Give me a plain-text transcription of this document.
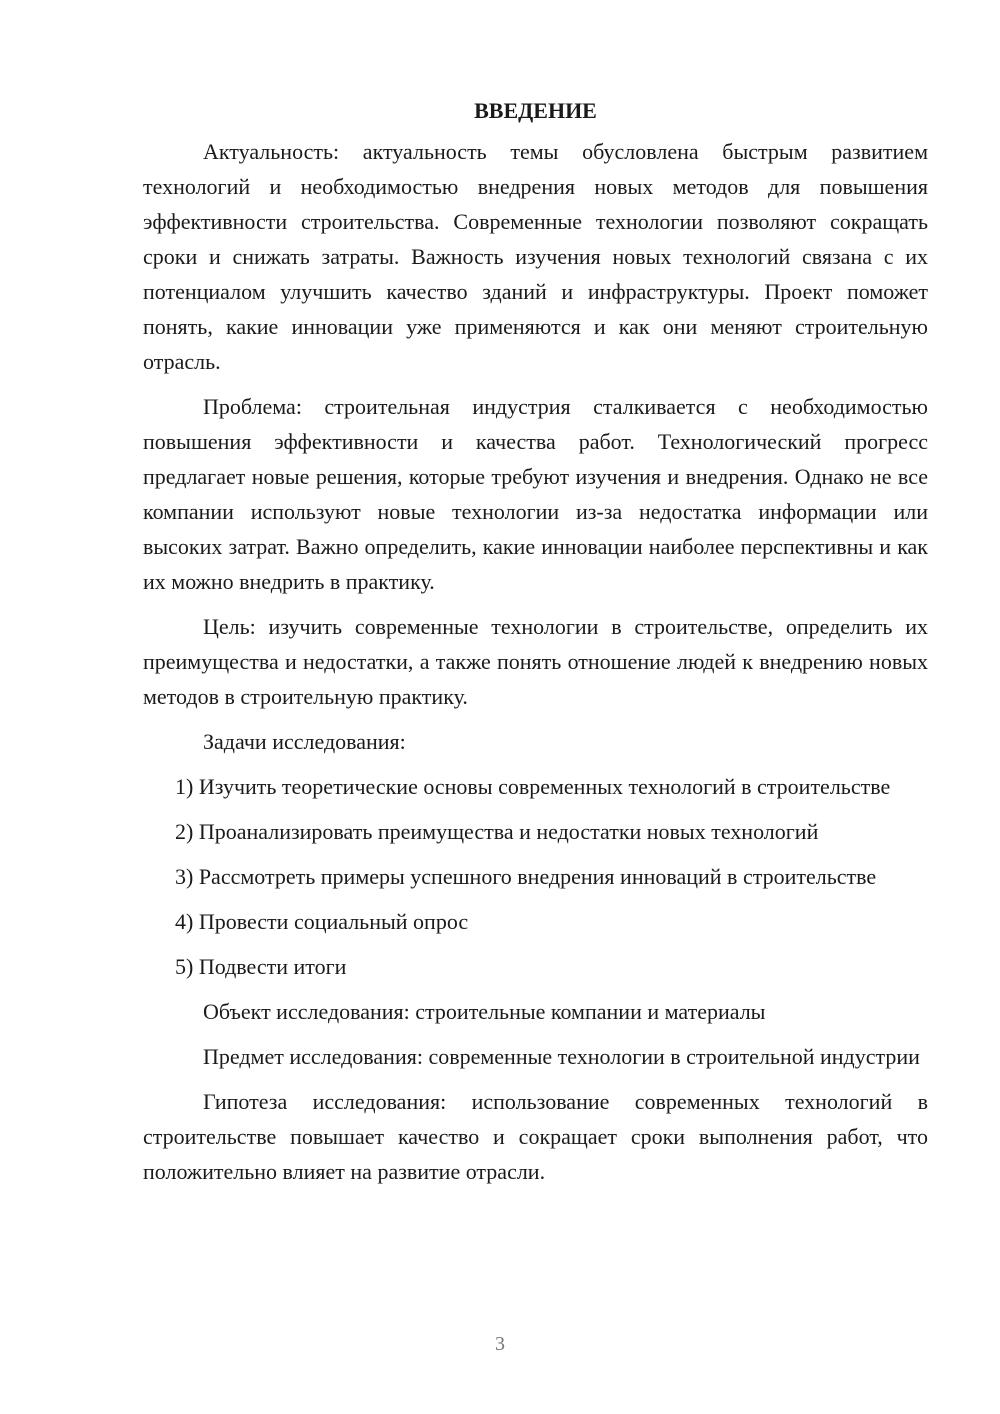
ВВЕДЕНИЕ

Актуальность: актуальность темы обусловлена быстрым развитием технологий и необходимостью внедрения новых методов для повышения эффективности строительства. Современные технологии позволяют сокращать сроки и снижать затраты. Важность изучения новых технологий связана с их потенциалом улучшить качество зданий и инфраструктуры. Проект поможет понять, какие инновации уже применяются и как они меняют строительную отрасль.

Проблема: строительная индустрия сталкивается с необходимостью повышения эффективности и качества работ. Технологический прогресс предлагает новые решения, которые требуют изучения и внедрения. Однако не все компании используют новые технологии из-за недостатка информации или высоких затрат. Важно определить, какие инновации наиболее перспективны и как их можно внедрить в практику.

Цель: изучить современные технологии в строительстве, определить их преимущества и недостатки, а также понять отношение людей к внедрению новых методов в строительную практику.

Задачи исследования:

1) Изучить теоретические основы современных технологий в строительстве

2) Проанализировать преимущества и недостатки новых технологий

3) Рассмотреть примеры успешного внедрения инноваций в строительстве

4) Провести социальный опрос

5) Подвести итоги

Объект исследования: строительные компании и материалы

Предмет исследования: современные технологии в строительной индустрии

Гипотеза исследования: использование современных технологий в строительстве повышает качество и сокращает сроки выполнения работ, что положительно влияет на развитие отрасли.

3
